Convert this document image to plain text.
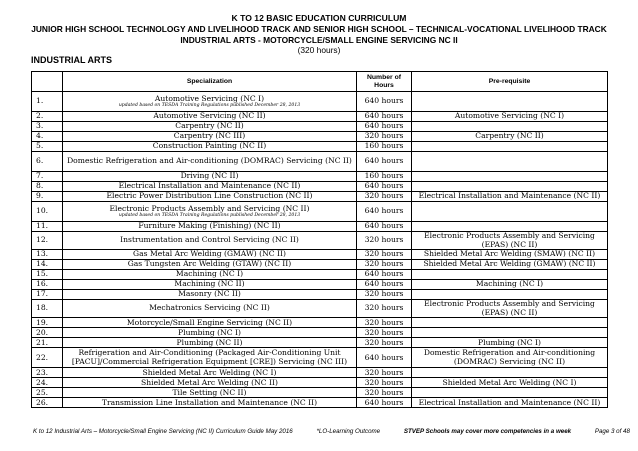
K TO 12 BASIC EDUCATION CURRICULUM
JUNIOR HIGH SCHOOL TECHNOLOGY AND LIVELIHOOD TRACK AND SENIOR HIGH SCHOOL – TECHNICAL-VOCATIONAL LIVELIHOOD TRACK
INDUSTRIAL ARTS - MOTORCYCLE/SMALL ENGINE SERVICING NC II
(320 hours)
INDUSTRIAL ARTS
	Specialization	Number of Hours	Pre-requisite
1.	Automotive Servicing (NC I)
updated based on TESDA Training Regulations published December 28, 2013	640 hours	
2.	Automotive Servicing (NC II)	640 hours	Automotive Servicing (NC I)
3.	Carpentry (NC II)	640 hours	
4.	Carpentry (NC III)	320 hours	Carpentry (NC II)
5.	Construction Painting (NC II)	160 hours	
6.	Domestic Refrigeration and Air-conditioning (DOMRAC) Servicing (NC II)	640 hours	
7.	Driving (NC II)	160 hours	
8.	Electrical Installation and Maintenance (NC II)	640 hours	
9.	Electric Power Distribution Line Construction (NC II)	320 hours	Electrical Installation and Maintenance (NC II)
10.	Electronic Products Assembly and Servicing (NC II)
updated based on TESDA Training Regulations published December 28, 2013	640 hours	
11.	Furniture Making (Finishing) (NC II)	640 hours	
12.	Instrumentation and Control Servicing (NC II)	320 hours	Electronic Products Assembly and Servicing (EPAS) (NC II)
13.	Gas Metal Arc Welding (GMAW) (NC II)	320 hours	Shielded Metal Arc Welding (SMAW) (NC II)
14.	Gas Tungsten Arc Welding (GTAW) (NC II)	320 hours	Shielded Metal Arc Welding (GMAW) (NC II)
15.	Machining (NC I)	640 hours	
16.	Machining (NC II)	640 hours	Machining (NC I)
17.	Masonry (NC II)	320 hours	
18.	Mechatronics Servicing (NC II)	320 hours	Electronic Products Assembly and Servicing (EPAS) (NC II)
19.	Motorcycle/Small Engine Servicing (NC II)	320 hours	
20.	Plumbing (NC I)	320 hours	
21.	Plumbing (NC II)	320 hours	Plumbing (NC I)
22.	Refrigeration and Air-Conditioning (Packaged Air-Conditioning Unit [PACU]/Commercial Refrigeration Equipment [CRE]) Servicing (NC III)	640 hours	Domestic Refrigeration and Air-conditioning (DOMRAC) Servicing (NC II)
23.	Shielded Metal Arc Welding (NC I)	320 hours	
24.	Shielded Metal Arc Welding (NC II)	320 hours	Shielded Metal Arc Welding (NC I)
25.	Tile Setting (NC II)	320 hours	
26.	Transmission Line Installation and Maintenance (NC II)	640 hours	Electrical Installation and Maintenance (NC II)
K to 12 Industrial Arts – Motorcycle/Small Engine Servicing (NC II) Curriculum Guide May 2016	*LO-Learning Outcome	STVEP Schools may cover more competencies in a week	Page 3 of 48
